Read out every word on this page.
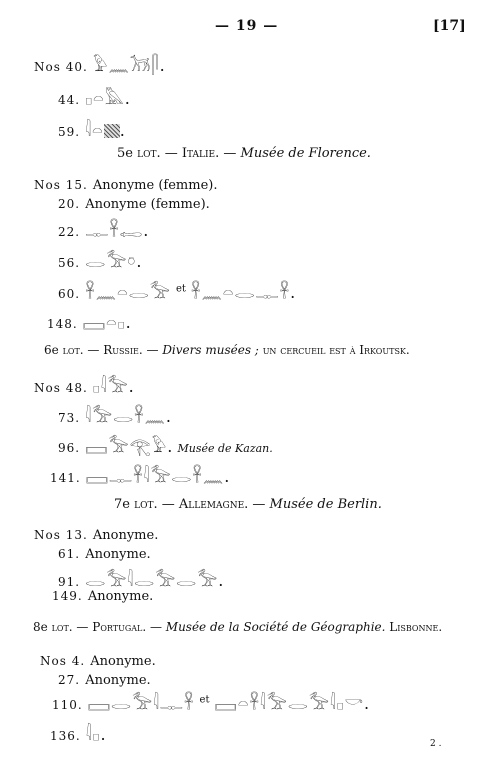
— 19 —	[17]
Nos 40. 𓅱𓈖𓃡𓋴.
44. 𓊪𓏏𓅓.
59. 𓇋𓏏 .
5e lot. — Italie. — Musée de Florence.
Nos 15. Anonyme (femme).
20. Anonyme (femme).
22. 𓊃𓋹𓉻.
56. 𓂋𓅡𓏌.
60. 𓋹𓈖𓏏𓂋𓅡 $^{et}$ 𓋹𓈖𓏏𓂋𓊃𓋹.
148. 𓈙𓏏𓊪.
6e lot. — Russie. — Divers musées ; un cercueil est à Irkoutsk.
Nos 48. 𓊪𓇋𓅡.
73. 𓇋𓅡𓂋𓋹𓈖.
96. 𓈙𓅡𓂀𓅱. Musée de Kazan.
141. 𓈙𓊃𓋹𓇋𓅡𓂋𓋹𓈖.
7e lot. — Allemagne. — Musée de Berlin.
Nos 13. Anonyme.
61. Anonyme.
91. 𓂋𓅡𓇋𓂋𓅡𓂋𓅡.
149. Anonyme.
8e lot. — Portugal. — Musée de la Société de Géographie. Lisbonne.
Nos 4. Anonyme.
27. Anonyme.
110. 𓈙𓂋𓅡𓇋𓊃𓋹 $^{et}$ 𓈙𓏏𓋹𓇋𓅡𓂋𓅡𓇋𓊪𓎡.
136. 𓇋𓊪.	2 .
